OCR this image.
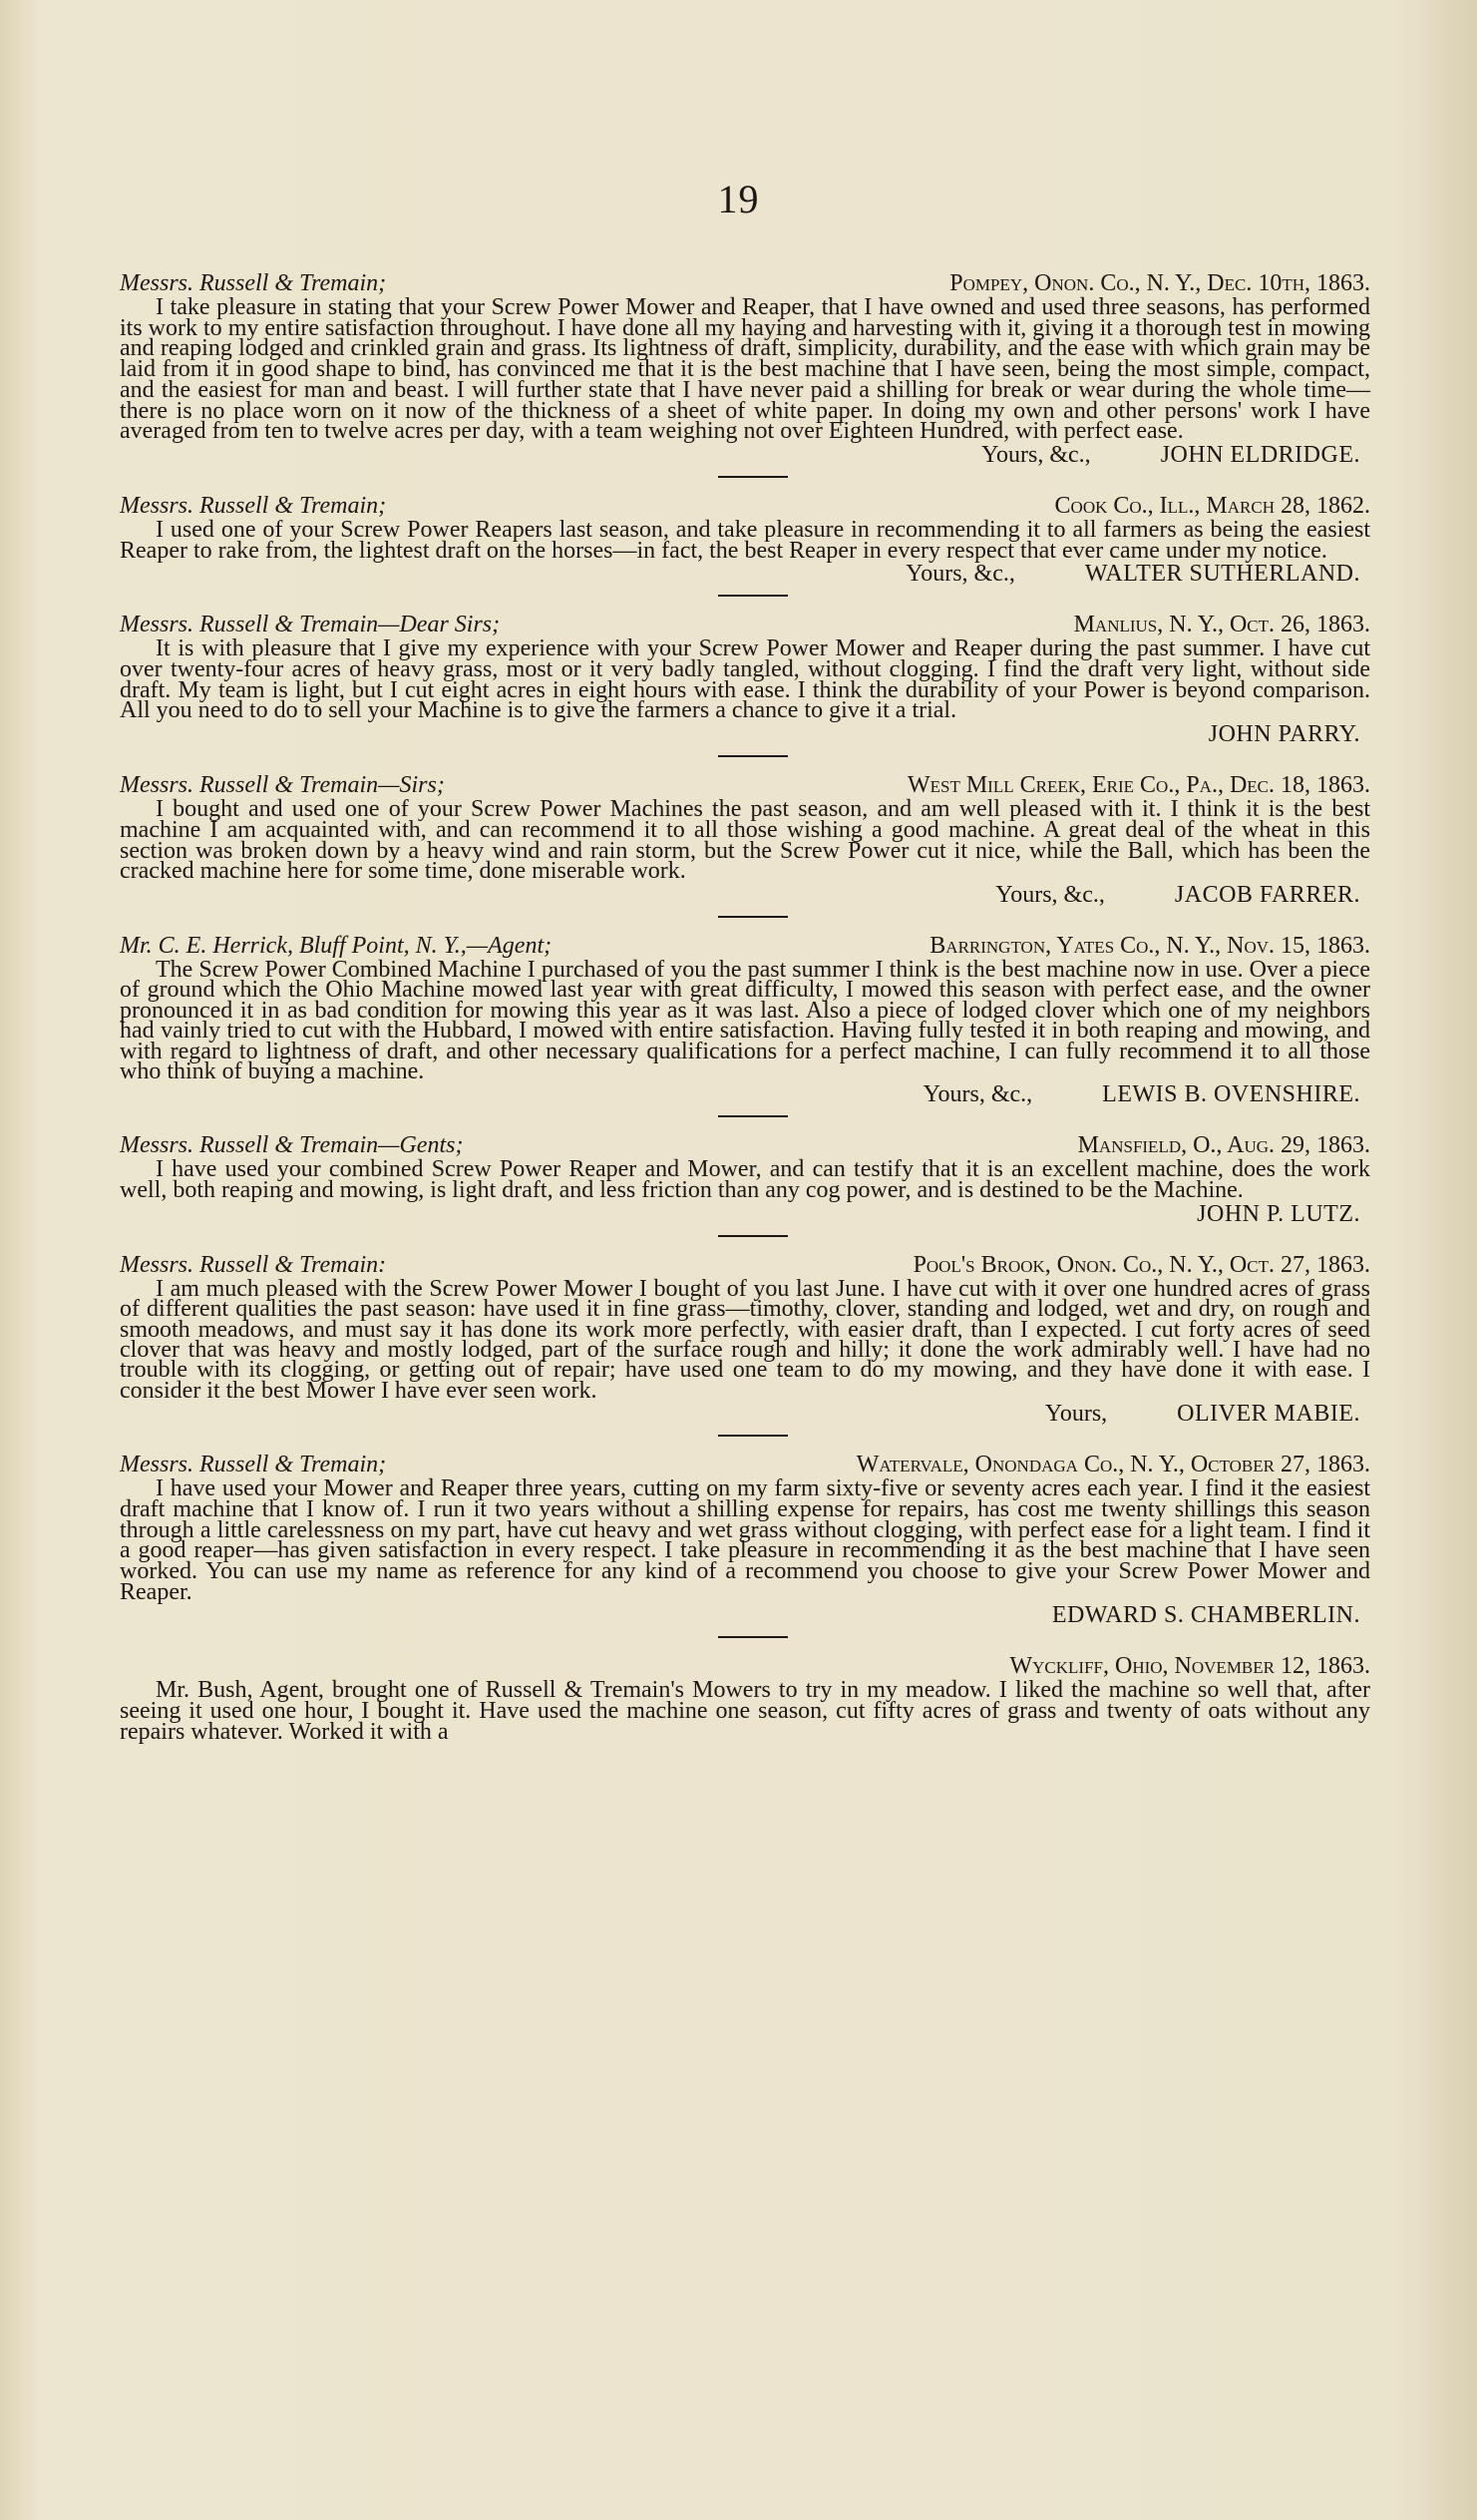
19
Messrs. Russell & Tremain;	Pompey, Onon. Co., N. Y., Dec. 10th, 1863.

I take pleasure in stating that your Screw Power Mower and Reaper, that I have owned and used three seasons, has performed its work to my entire satisfaction throughout. I have done all my haying and harvesting with it, giving it a thorough test in mowing and reaping lodged and crinkled grain and grass. Its lightness of draft, simplicity, durability, and the ease with which grain may be laid from it in good shape to bind, has convinced me that it is the best machine that I have seen, being the most simple, compact, and the easiest for man and beast. I will further state that I have never paid a shilling for break or wear during the whole time—there is no place worn on it now of the thickness of a sheet of white paper. In doing my own and other persons' work I have averaged from ten to twelve acres per day, with a team weighing not over Eighteen Hundred, with perfect ease.

Yours, &c.,	JOHN ELDRIDGE.
Messrs. Russell & Tremain;	Cook Co., Ill., March 28, 1862.

I used one of your Screw Power Reapers last season, and take pleasure in recommending it to all farmers as being the easiest Reaper to rake from, the lightest draft on the horses—in fact, the best Reaper in every respect that ever came under my notice.

Yours, &c.,	WALTER SUTHERLAND.
Messrs. Russell & Tremain—Dear Sirs;	Manlius, N. Y., Oct. 26, 1863.

It is with pleasure that I give my experience with your Screw Power Mower and Reaper during the past summer. I have cut over twenty-four acres of heavy grass, most or it very badly tangled, without clogging. I find the draft very light, without side draft. My team is light, but I cut eight acres in eight hours with ease. I think the durability of your Power is beyond comparison. All you need to do to sell your Machine is to give the farmers a chance to give it a trial.

JOHN PARRY.
Messrs. Russell & Tremain—Sirs;	West Mill Creek, Erie Co., Pa., Dec. 18, 1863.

I bought and used one of your Screw Power Machines the past season, and am well pleased with it. I think it is the best machine I am acquainted with, and can recommend it to all those wishing a good machine. A great deal of the wheat in this section was broken down by a heavy wind and rain storm, but the Screw Power cut it nice, while the Ball, which has been the cracked machine here for some time, done miserable work.

Yours, &c.,	JACOB FARRER.
Mr. C. E. Herrick, Bluff Point, N. Y.,—Agent;	Barrington, Yates Co., N. Y., Nov. 15, 1863.

The Screw Power Combined Machine I purchased of you the past summer I think is the best machine now in use. Over a piece of ground which the Ohio Machine mowed last year with great difficulty, I mowed this season with perfect ease, and the owner pronounced it in as bad condition for mowing this year as it was last. Also a piece of lodged clover which one of my neighbors had vainly tried to cut with the Hubbard, I mowed with entire satisfaction. Having fully tested it in both reaping and mowing, and with regard to lightness of draft, and other necessary qualifications for a perfect machine, I can fully recommend it to all those who think of buying a machine.

Yours, &c.,	LEWIS B. OVENSHIRE.
Messrs. Russell & Tremain—Gents;	Mansfield, O., Aug. 29, 1863.

I have used your combined Screw Power Reaper and Mower, and can testify that it is an excellent machine, does the work well, both reaping and mowing, is light draft, and less friction than any cog power, and is destined to be the Machine.

JOHN P. LUTZ.
Messrs. Russell & Tremain:	Pool's Brook, Onon. Co., N. Y., Oct. 27, 1863.

I am much pleased with the Screw Power Mower I bought of you last June. I have cut with it over one hundred acres of grass of different qualities the past season: have used it in fine grass—timothy, clover, standing and lodged, wet and dry, on rough and smooth meadows, and must say it has done its work more perfectly, with easier draft, than I expected. I cut forty acres of seed clover that was heavy and mostly lodged, part of the surface rough and hilly; it done the work admirably well. I have had no trouble with its clogging, or getting out of repair; have used one team to do my mowing, and they have done it with ease. I consider it the best Mower I have ever seen work.

Yours,	OLIVER MABIE.
Messrs. Russell & Tremain;	Watervale, Onondaga Co., N. Y., October 27, 1863.

I have used your Mower and Reaper three years, cutting on my farm sixty-five or seventy acres each year. I find it the easiest draft machine that I know of. I run it two years without a shilling expense for repairs, has cost me twenty shillings this season through a little carelessness on my part, have cut heavy and wet grass without clogging, with perfect ease for a light team. I find it a good reaper—has given satisfaction in every respect. I take pleasure in recommending it as the best machine that I have seen worked. You can use my name as reference for any kind of a recommend you choose to give your Screw Power Mower and Reaper.

EDWARD S. CHAMBERLIN.
Wyckliff, Ohio, November 12, 1863.

Mr. Bush, Agent, brought one of Russell & Tremain's Mowers to try in my meadow. I liked the machine so well that, after seeing it used one hour, I bought it. Have used the machine one season, cut fifty acres of grass and twenty of oats without any repairs whatever. Worked it with a
